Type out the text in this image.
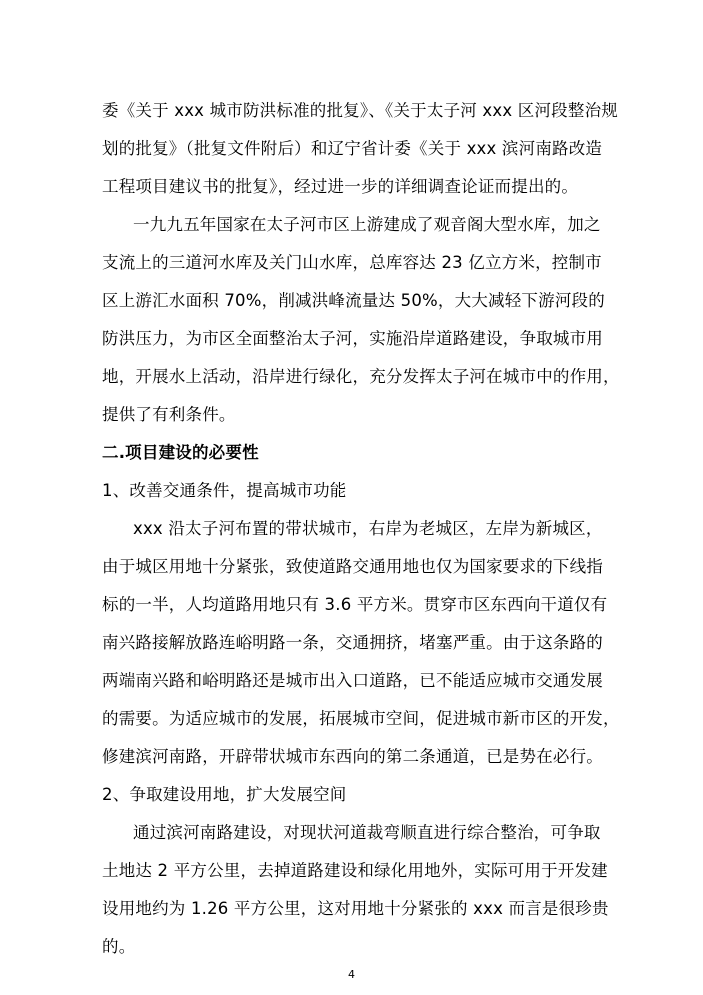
委《关于 xxx 城市防洪标准的批复》、《关于太子河 xxx 区河段整治规
划的批复》（批复文件附后）和辽宁省计委《关于 xxx 滨河南路改造
工程项目建议书的批复》，经过进一步的详细调查论证而提出的。
一九九五年国家在太子河市区上游建成了观音阁大型水库，加之
支流上的三道河水库及关门山水库，总库容达 23 亿立方米，控制市
区上游汇水面积 70%，削减洪峰流量达 50%，大大减轻下游河段的
防洪压力，为市区全面整治太子河，实施沿岸道路建设，争取城市用
地，开展水上活动，沿岸进行绿化，充分发挥太子河在城市中的作用，
提供了有利条件。
二.项目建设的必要性
1、改善交通条件，提高城市功能
xxx 沿太子河布置的带状城市，右岸为老城区，左岸为新城区，
由于城区用地十分紧张，致使道路交通用地也仅为国家要求的下线指
标的一半，人均道路用地只有 3.6 平方米。贯穿市区东西向干道仅有
南兴路接解放路连峪明路一条，交通拥挤，堵塞严重。由于这条路的
两端南兴路和峪明路还是城市出入口道路，已不能适应城市交通发展
的需要。为适应城市的发展，拓展城市空间，促进城市新市区的开发，
修建滨河南路，开辟带状城市东西向的第二条通道，已是势在必行。
2、争取建设用地，扩大发展空间
通过滨河南路建设，对现状河道裁弯顺直进行综合整治，可争取
土地达 2 平方公里，去掉道路建设和绿化用地外，实际可用于开发建
设用地约为 1.26 平方公里，这对用地十分紧张的 xxx 而言是很珍贵
的。
4
